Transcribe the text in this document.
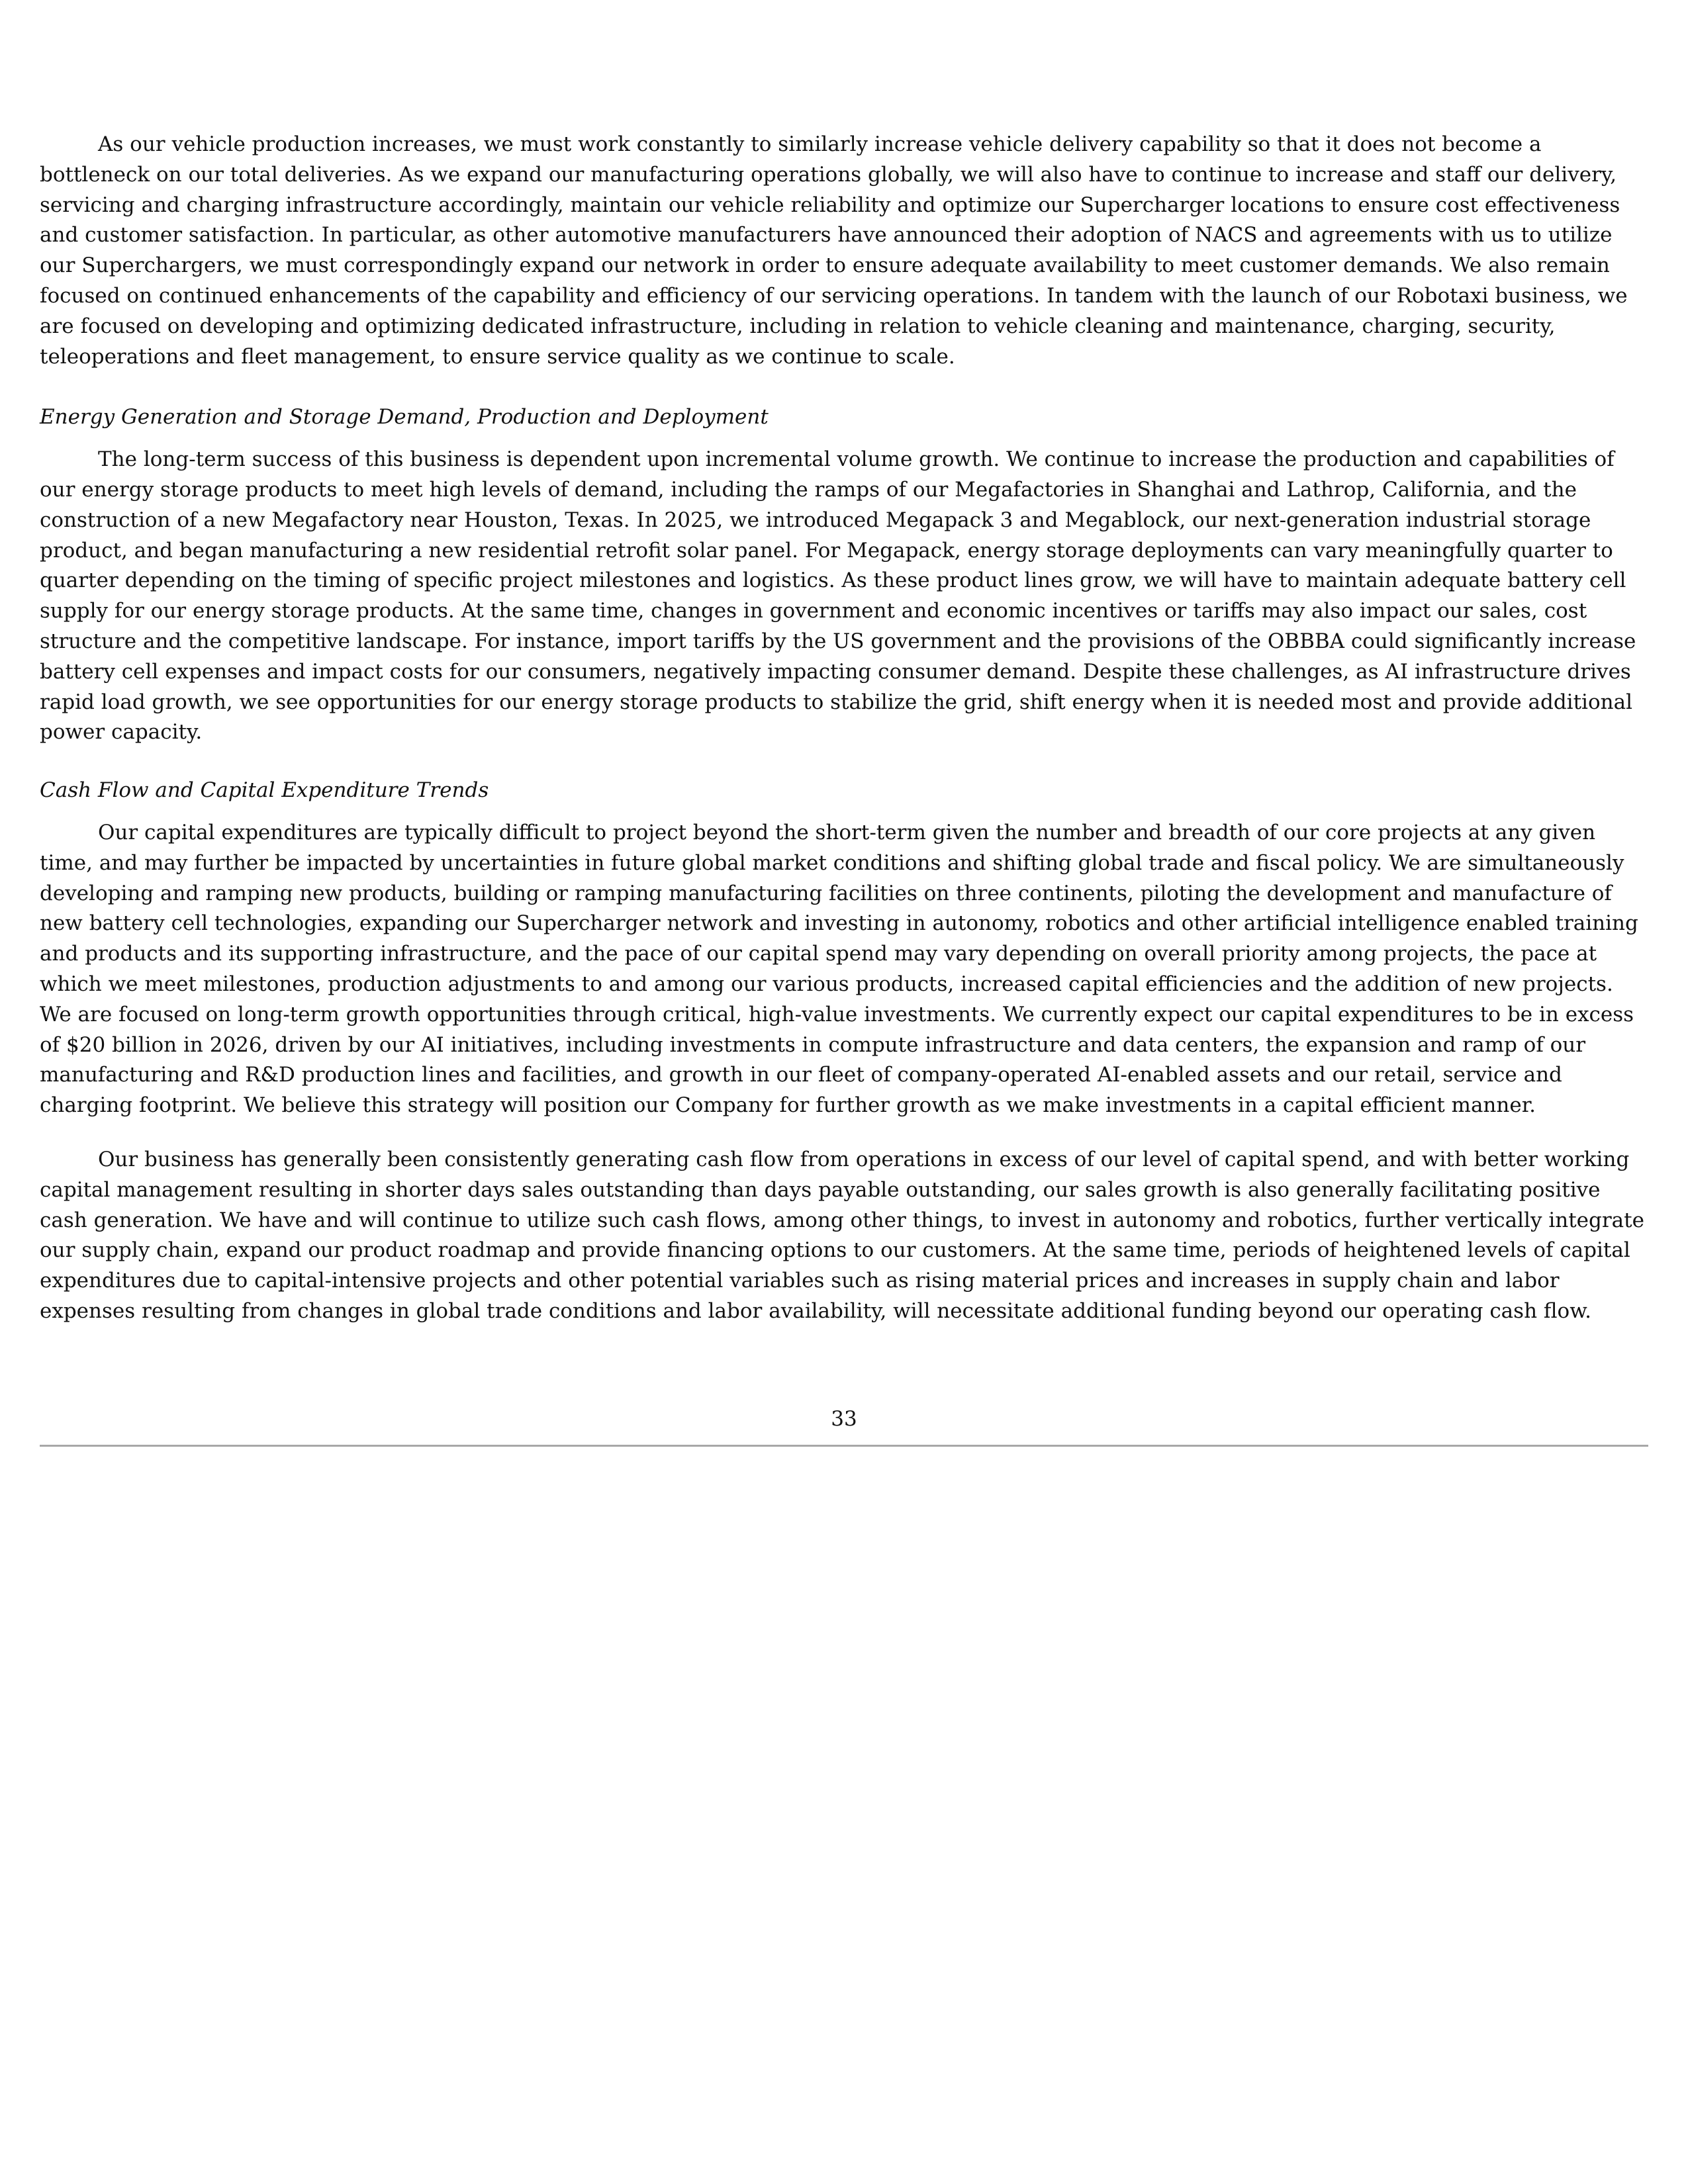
As our vehicle production increases, we must work constantly to similarly increase vehicle delivery capability so that it does not become a bottleneck on our total deliveries. As we expand our manufacturing operations globally, we will also have to continue to increase and staff our delivery, servicing and charging infrastructure accordingly, maintain our vehicle reliability and optimize our Supercharger locations to ensure cost effectiveness and customer satisfaction. In particular, as other automotive manufacturers have announced their adoption of NACS and agreements with us to utilize our Superchargers, we must correspondingly expand our network in order to ensure adequate availability to meet customer demands. We also remain focused on continued enhancements of the capability and efficiency of our servicing operations. In tandem with the launch of our Robotaxi business, we are focused on developing and optimizing dedicated infrastructure, including in relation to vehicle cleaning and maintenance, charging, security, teleoperations and fleet management, to ensure service quality as we continue to scale.

Energy Generation and Storage Demand, Production and Deployment

The long-term success of this business is dependent upon incremental volume growth. We continue to increase the production and capabilities of our energy storage products to meet high levels of demand, including the ramps of our Megafactories in Shanghai and Lathrop, California, and the construction of a new Megafactory near Houston, Texas. In 2025, we introduced Megapack 3 and Megablock, our next-generation industrial storage product, and began manufacturing a new residential retrofit solar panel. For Megapack, energy storage deployments can vary meaningfully quarter to quarter depending on the timing of specific project milestones and logistics. As these product lines grow, we will have to maintain adequate battery cell supply for our energy storage products. At the same time, changes in government and economic incentives or tariffs may also impact our sales, cost structure and the competitive landscape. For instance, import tariffs by the US government and the provisions of the OBBBA could significantly increase battery cell expenses and impact costs for our consumers, negatively impacting consumer demand. Despite these challenges, as AI infrastructure drives rapid load growth, we see opportunities for our energy storage products to stabilize the grid, shift energy when it is needed most and provide additional power capacity.

Cash Flow and Capital Expenditure Trends

Our capital expenditures are typically difficult to project beyond the short-term given the number and breadth of our core projects at any given time, and may further be impacted by uncertainties in future global market conditions and shifting global trade and fiscal policy. We are simultaneously developing and ramping new products, building or ramping manufacturing facilities on three continents, piloting the development and manufacture of new battery cell technologies, expanding our Supercharger network and investing in autonomy, robotics and other artificial intelligence enabled training and products and its supporting infrastructure, and the pace of our capital spend may vary depending on overall priority among projects, the pace at which we meet milestones, production adjustments to and among our various products, increased capital efficiencies and the addition of new projects. We are focused on long-term growth opportunities through critical, high-value investments. We currently expect our capital expenditures to be in excess of $20 billion in 2026, driven by our AI initiatives, including investments in compute infrastructure and data centers, the expansion and ramp of our manufacturing and R&D production lines and facilities, and growth in our fleet of company-operated AI-enabled assets and our retail, service and charging footprint. We believe this strategy will position our Company for further growth as we make investments in a capital efficient manner.

Our business has generally been consistently generating cash flow from operations in excess of our level of capital spend, and with better working capital management resulting in shorter days sales outstanding than days payable outstanding, our sales growth is also generally facilitating positive cash generation. We have and will continue to utilize such cash flows, among other things, to invest in autonomy and robotics, further vertically integrate our supply chain, expand our product roadmap and provide financing options to our customers. At the same time, periods of heightened levels of capital expenditures due to capital-intensive projects and other potential variables such as rising material prices and increases in supply chain and labor expenses resulting from changes in global trade conditions and labor availability, will necessitate additional funding beyond our operating cash flow.

33
